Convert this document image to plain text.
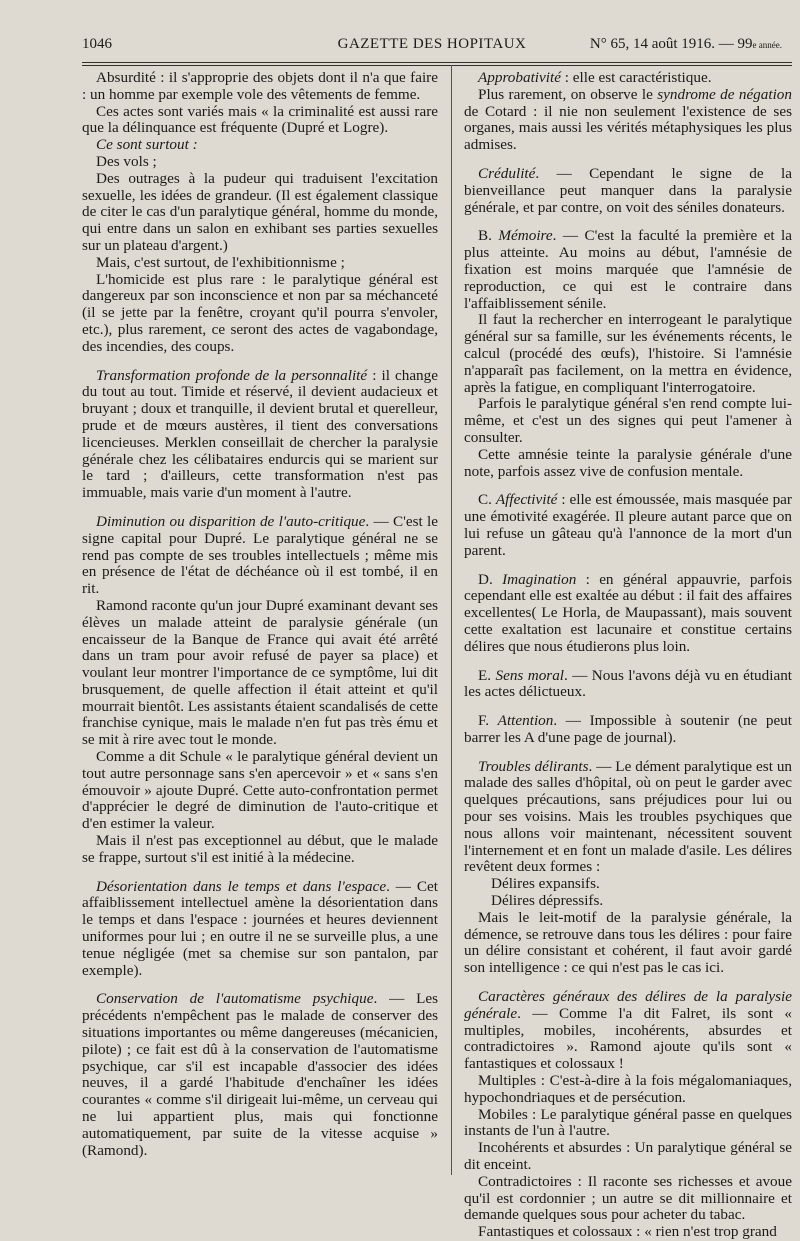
1046	GAZETTE DES HOPITAUX	N° 65, 14 août 1916. — 99e année.

Absurdité : il s'approprie des objets dont il n'a que faire : un homme par exemple vole des vêtements de femme.

Ces actes sont variés mais « la criminalité est aussi rare que la délinquance est fréquente (Dupré et Logre).

Ce sont surtout :

Des vols ;

Des outrages à la pudeur qui traduisent l'excitation sexuelle, les idées de grandeur. (Il est également classique de citer le cas d'un paralytique général, homme du monde, qui entre dans un salon en exhibant ses parties sexuelles sur un plateau d'argent.)

Mais, c'est surtout, de l'exhibitionnisme ;

L'homicide est plus rare : le paralytique général est dangereux par son inconscience et non par sa méchanceté (il se jette par la fenêtre, croyant qu'il pourra s'envoler, etc.), plus rarement, ce seront des actes de vagabondage, des incendies, des coups.

Transformation profonde de la personnalité : il change du tout au tout. Timide et réservé, il devient audacieux et bruyant ; doux et tranquille, il devient brutal et querelleur, prude et de mœurs austères, il tient des conversations licencieuses. Merklen conseillait de chercher la paralysie générale chez les célibataires endurcis qui se marient sur le tard ; d'ailleurs, cette transformation n'est pas immuable, mais varie d'un moment à l'autre.

Diminution ou disparition de l'auto-critique. — C'est le signe capital pour Dupré. Le paralytique général ne se rend pas compte de ses troubles intellectuels ; même mis en présence de l'état de déchéance où il est tombé, il en rit.

Ramond raconte qu'un jour Dupré examinant devant ses élèves un malade atteint de paralysie générale (un encaisseur de la Banque de France qui avait été arrêté dans un tram pour avoir refusé de payer sa place) et voulant leur montrer l'importance de ce symptôme, lui dit brusquement, de quelle affection il était atteint et qu'il mourrait bientôt. Les assistants étaient scandalisés de cette franchise cynique, mais le malade n'en fut pas très ému et se mit à rire avec tout le monde.

Comme a dit Schule « le paralytique général devient un tout autre personnage sans s'en apercevoir » et « sans s'en émouvoir » ajoute Dupré. Cette auto-confrontation permet d'apprécier le degré de diminution de l'auto-critique et d'en estimer la valeur.

Mais il n'est pas exceptionnel au début, que le malade se frappe, surtout s'il est initié à la médecine.

Désorientation dans le temps et dans l'espace. — Cet affaiblissement intellectuel amène la désorientation dans le temps et dans l'espace : journées et heures deviennent uniformes pour lui ; en outre il ne se surveille plus, a une tenue négligée (met sa chemise sur son pantalon, par exemple).

Conservation de l'automatisme psychique. — Les précédents n'empêchent pas le malade de conserver des situations importantes ou même dangereuses (mécanicien, pilote) ; ce fait est dû à la conservation de l'automatisme psychique, car s'il est incapable d'associer des idées neuves, il a gardé l'habitude d'enchaîner les idées courantes « comme s'il dirigeait lui-même, un cerveau qui ne lui appartient plus, mais qui fonctionne automatiquement, par suite de la vitesse acquise » (Ramond).

Approbativité : elle est caractéristique.

Plus rarement, on observe le syndrome de négation de Cotard : il nie non seulement l'existence de ses organes, mais aussi les vérités métaphysiques les plus admises.

Crédulité. — Cependant le signe de la bienveillance peut manquer dans la paralysie générale, et par contre, on voit des séniles donateurs.

B. Mémoire. — C'est la faculté la première et la plus atteinte. Au moins au début, l'amnésie de fixation est moins marquée que l'amnésie de reproduction, ce qui est le contraire dans l'affaiblissement sénile.

Il faut la rechercher en interrogeant le paralytique général sur sa famille, sur les événements récents, le calcul (procédé des œufs), l'histoire. Si l'amnésie n'apparaît pas facilement, on la mettra en évidence, après la fatigue, en compliquant l'interrogatoire.

Parfois le paralytique général s'en rend compte lui-même, et c'est un des signes qui peut l'amener à consulter.

Cette amnésie teinte la paralysie générale d'une note, parfois assez vive de confusion mentale.

C. Affectivité : elle est émoussée, mais masquée par une émotivité exagérée. Il pleure autant parce que on lui refuse un gâteau qu'à l'annonce de la mort d'un parent.

D. Imagination : en général appauvrie, parfois cependant elle est exaltée au début : il fait des affaires excellentes( Le Horla, de Maupassant), mais souvent cette exaltation est lacunaire et constitue certains délires que nous étudierons plus loin.

E. Sens moral. — Nous l'avons déjà vu en étudiant les actes délictueux.

F. Attention. — Impossible à soutenir (ne peut barrer les A d'une page de journal).

Troubles délirants. — Le dément paralytique est un malade des salles d'hôpital, où on peut le garder avec quelques précautions, sans préjudices pour lui ou pour ses voisins. Mais les troubles psychiques que nous allons voir maintenant, nécessitent souvent l'internement et en font un malade d'asile. Les délires revêtent deux formes :

Délires expansifs.

Délires dépressifs.

Mais le leit-motif de la paralysie générale, la démence, se retrouve dans tous les délires : pour faire un délire consistant et cohérent, il faut avoir gardé son intelligence : ce qui n'est pas le cas ici.

Caractères généraux des délires de la paralysie générale. — Comme l'a dit Falret, ils sont « multiples, mobiles, incohérents, absurdes et contradictoires ». Ramond ajoute qu'ils sont « fantastiques et colossaux !

Multiples : C'est-à-dire à la fois mégalomaniaques, hypochondriaques et de persécution.

Mobiles : Le paralytique général passe en quelques instants de l'un à l'autre.

Incohérents et absurdes : Un paralytique général se dit enceint.

Contradictoires : Il raconte ses richesses et avoue qu'il est cordonnier ; un autre se dit millionnaire et demande quelques sous pour acheter du tabac.

Fantastiques et colossaux : « rien n'est trop grand
